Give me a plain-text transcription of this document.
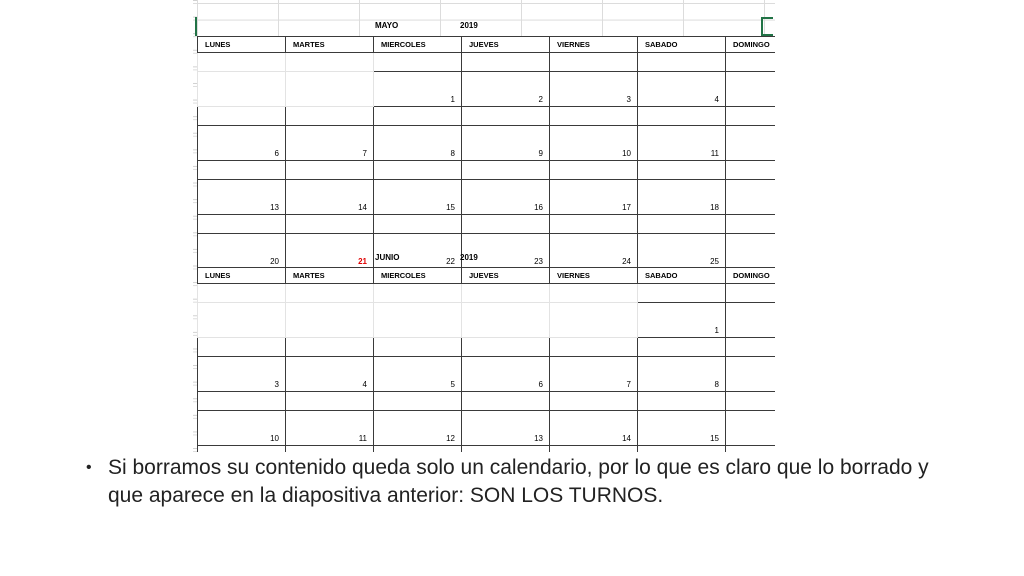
MAYO	2019
LUNES	MARTES	MIERCOLES	JUEVES	VIERNES	SABADO	DOMINGO

		1	2	3	4	

6	7	8	9	10	11	

13	14	15	16	17	18	

20	21	22	23	24	25	

JUNIO	2019
LUNES	MARTES	MIERCOLES	JUEVES	VIERNES	SABADO	DOMINGO

					1	

3	4	5	6	7	8	

10	11	12	13	14	15	

• Si borramos su contenido queda solo un calendario, por lo que es claro que lo borrado y que aparece en la diapositiva anterior: SON LOS TURNOS.
